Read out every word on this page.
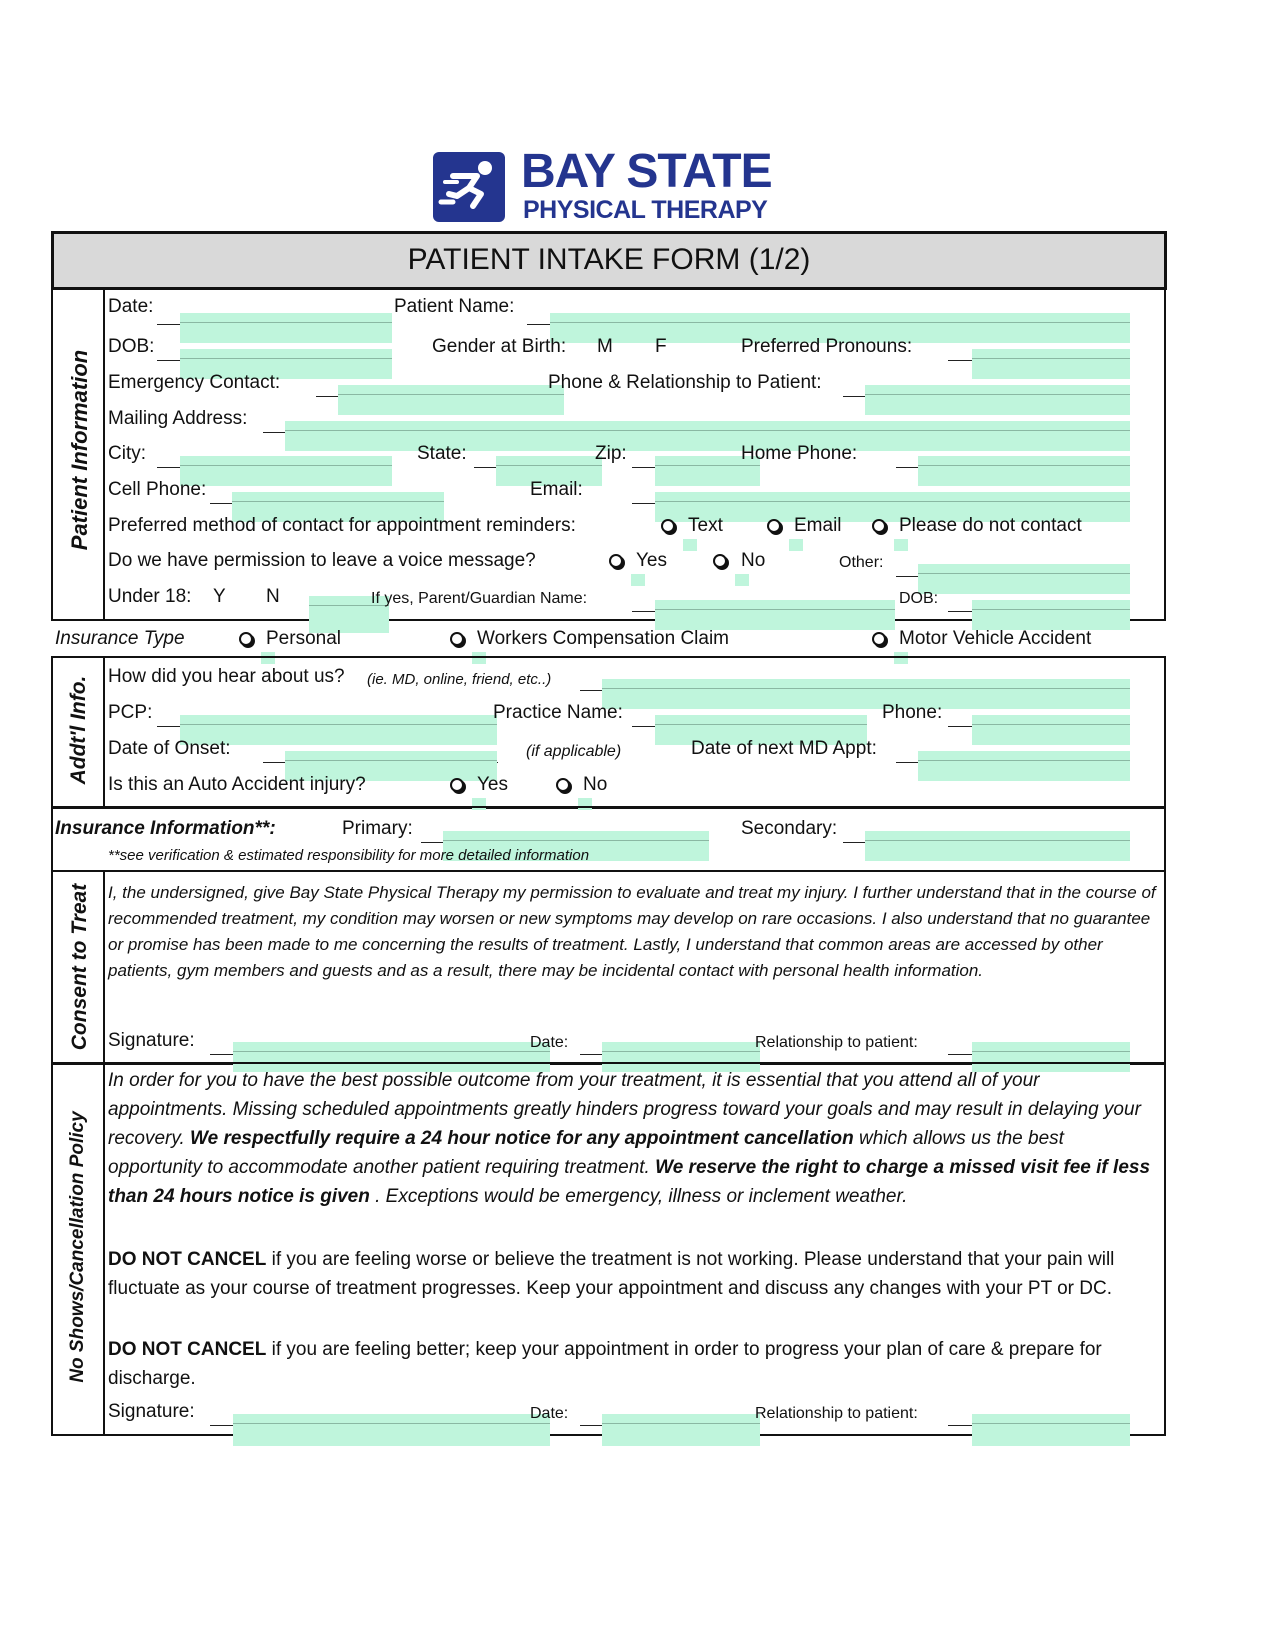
BAY STATE
PHYSICAL THERAPY
PATIENT INTAKE FORM (1/2)
Patient Information
Date:	Patient Name:
DOB:	Gender at Birth: M F	Preferred Pronouns:
Emergency Contact:	Phone & Relationship to Patient:
Mailing Address:
City:	State:	Zip:	Home Phone:
Cell Phone:	Email:
Preferred method of contact for appointment reminders:	Text	Email	Please do not contact
Do we have permission to leave a voice message?	Yes	No	Other:
Under 18: Y N	If yes, Parent/Guardian Name:	DOB:
Insurance Type	Personal	Workers Compensation Claim	Motor Vehicle Accident
Addt'l Info. How did you hear about us? (ie. MD, online, friend, etc..)
PCP:	Practice Name:	Phone:
Date of Onset:	(if applicable)	Date of next MD Appt:
Is this an Auto Accident injury?	Yes	No
Insurance Information**:	Primary:	Secondary:
**see verification & estimated responsibility for more detailed information
Consent to Treat I, the undersigned, give Bay State Physical Therapy my permission to evaluate and treat my injury. I further understand that in the course of recommended treatment, my condition may worsen or new symptoms may develop on rare occasions. I also understand that no guarantee or promise has been made to me concerning the results of treatment. Lastly, I understand that common areas are accessed by other patients, gym members and guests and as a result, there may be incidental contact with personal health information.
Signature:	Date:	Relationship to patient:
No Shows/Cancellation Policy
In order for you to have the best possible outcome from your treatment, it is essential that you attend all of your appointments. Missing scheduled appointments greatly hinders progress toward your goals and may result in delaying your recovery. We respectfully require a 24 hour notice for any appointment cancellation which allows us the best opportunity to accommodate another patient requiring treatment. We reserve the right to charge a missed visit fee if less than 24 hours notice is given . Exceptions would be emergency, illness or inclement weather.
DO NOT CANCEL if you are feeling worse or believe the treatment is not working. Please understand that your pain will fluctuate as your course of treatment progresses. Keep your appointment and discuss any changes with your PT or DC.
DO NOT CANCEL if you are feeling better; keep your appointment in order to progress your plan of care & prepare for discharge.
Signature:	Date:	Relationship to patient:
